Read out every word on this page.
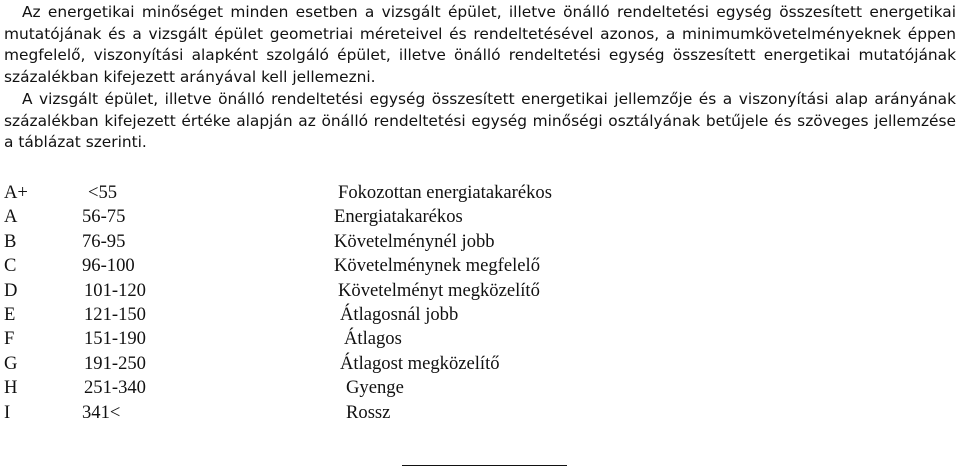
Az energetikai minőséget minden esetben a vizsgált épület, illetve önálló rendeltetési egység összesített energetikai mutatójának és a vizsgált épület geometriai méreteivel és rendeltetésével azonos, a minimumkövetelményeknek éppen megfelelő, viszonyítási alapként szolgáló épület, illetve önálló rendeltetési egység összesített energetikai mutatójának százalékban kifejezett arányával kell jellemezni.

A vizsgált épület, illetve önálló rendeltetési egység összesített energetikai jellemzője és a viszonyítási alap arányának százalékban kifejezett értéke alapján az önálló rendeltetési egység minőségi osztályának betűjele és szöveges jellemzése a táblázat szerinti.

A+	<55	Fokozottan energiatakarékos
A	56-75	Energiatakarékos
B	76-95	Követelménynél jobb
C	96-100	Követelménynek megfelelő
D	101-120	Követelményt megközelítő
E	121-150	Átlagosnál jobb
F	151-190	Átlagos
G	191-250	Átlagost megközelítő
H	251-340	Gyenge
I	341<	Rossz
